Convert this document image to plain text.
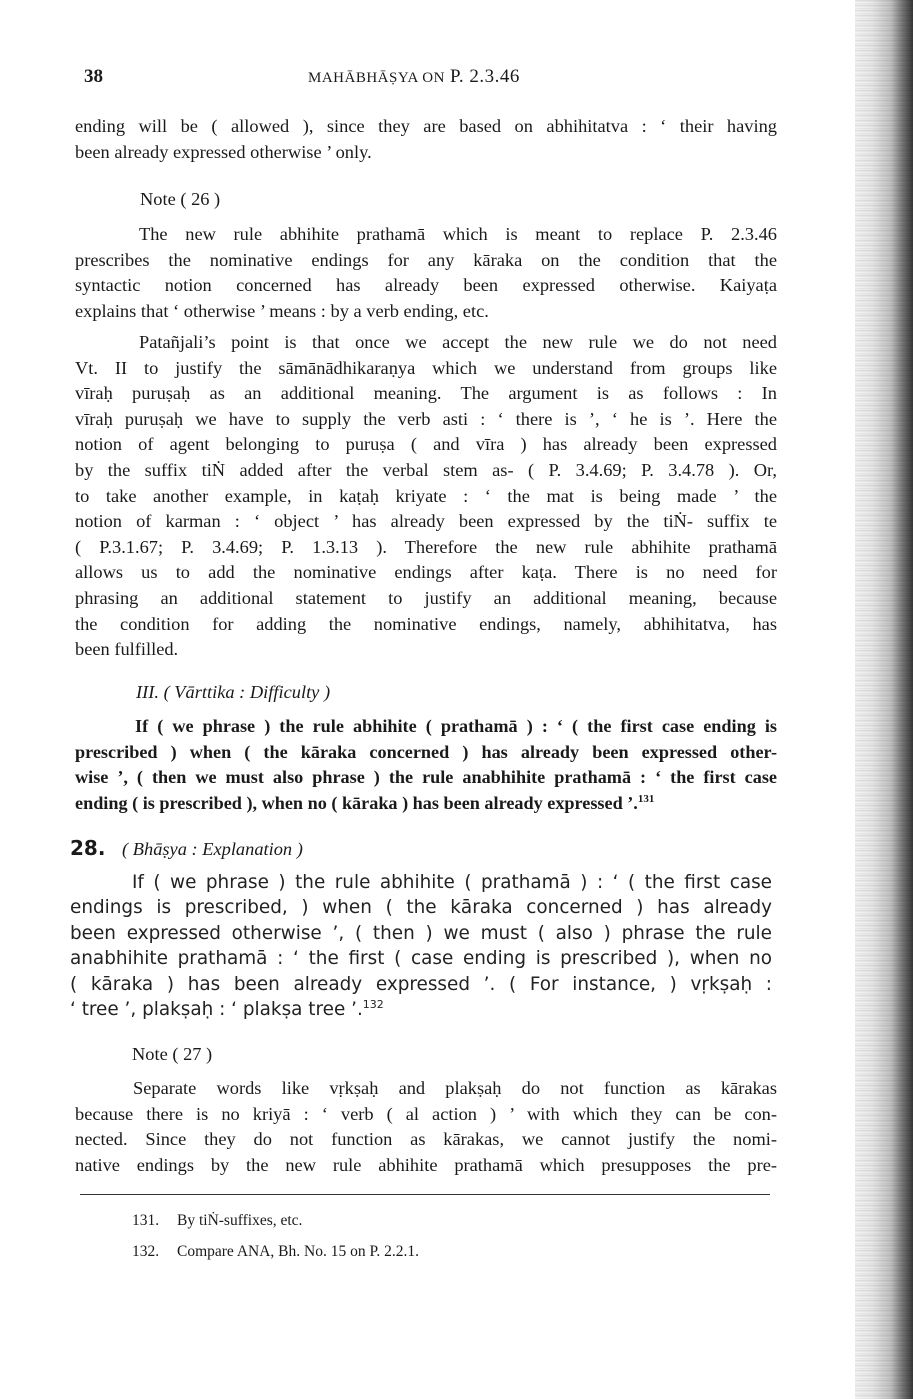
38	MAHĀBHĀṢYA ON P. 2.3.46

ending will be ( allowed ), since they are based on abhihitatva : ‘ their having
been already expressed otherwise ’ only.

Note ( 26 )

The new rule abhihite prathamā which is meant to replace P. 2.3.46
prescribes the nominative endings for any kāraka on the condition that the
syntactic notion concerned has already been expressed otherwise. Kaiyaṭa
explains that ‘ otherwise ’ means : by a verb ending, etc.

Patañjali’s point is that once we accept the new rule we do not need
Vt. II to justify the sāmānādhikaraṇya which we understand from groups like
vīraḥ puruṣaḥ as an additional meaning. The argument is as follows : In
vīraḥ puruṣaḥ we have to supply the verb asti : ‘ there is ’, ‘ he is ’. Here the
notion of agent belonging to puruṣa ( and vīra ) has already been expressed
by the suffix tiṄ added after the verbal stem as- ( P. 3.4.69; P. 3.4.78 ). Or,
to take another example, in kaṭaḥ kriyate : ‘ the mat is being made ’ the
notion of karman : ‘ object ’ has already been expressed by the tiṄ- suffix te
( P.3.1.67; P. 3.4.69; P. 1.3.13 ). Therefore the new rule abhihite prathamā
allows us to add the nominative endings after kaṭa. There is no need for
phrasing an additional statement to justify an additional meaning, because
the condition for adding the nominative endings, namely, abhihitatva, has
been fulfilled.

III. ( Vārttika : Difficulty )

If ( we phrase ) the rule abhihite ( prathamā ) : ‘ ( the first case ending is
prescribed ) when ( the kāraka concerned ) has already been expressed other-
wise ’, ( then we must also phrase ) the rule anabhihite prathamā : ‘ the first case
ending ( is prescribed ), when no ( kāraka ) has been already expressed ’.$^{131}$

28. ( Bhāṣya : Explanation )

If ( we phrase ) the rule abhihite ( prathamā ) : ‘ ( the first case
endings is prescribed, ) when ( the kāraka concerned ) has already
been expressed otherwise ’, ( then ) we must ( also ) phrase the rule
anabhihite prathamā : ‘ the first ( case ending is prescribed ), when no
( kāraka ) has been already expressed ’. ( For instance, ) vṛkṣaḥ :
‘ tree ’, plakṣaḥ : ‘ plakṣa tree ’.$^{132}$

Note ( 27 )

Separate words like vṛkṣaḥ and plakṣaḥ do not function as kārakas
because there is no kriyā : ‘ verb ( al action ) ’ with which they can be con-
nected. Since they do not function as kārakas, we cannot justify the nomi-
native endings by the new rule abhihite prathamā which presupposes the pre-

131. By tiṄ-suffixes, etc.

132. Compare ANA, Bh. No. 15 on P. 2.2.1.
